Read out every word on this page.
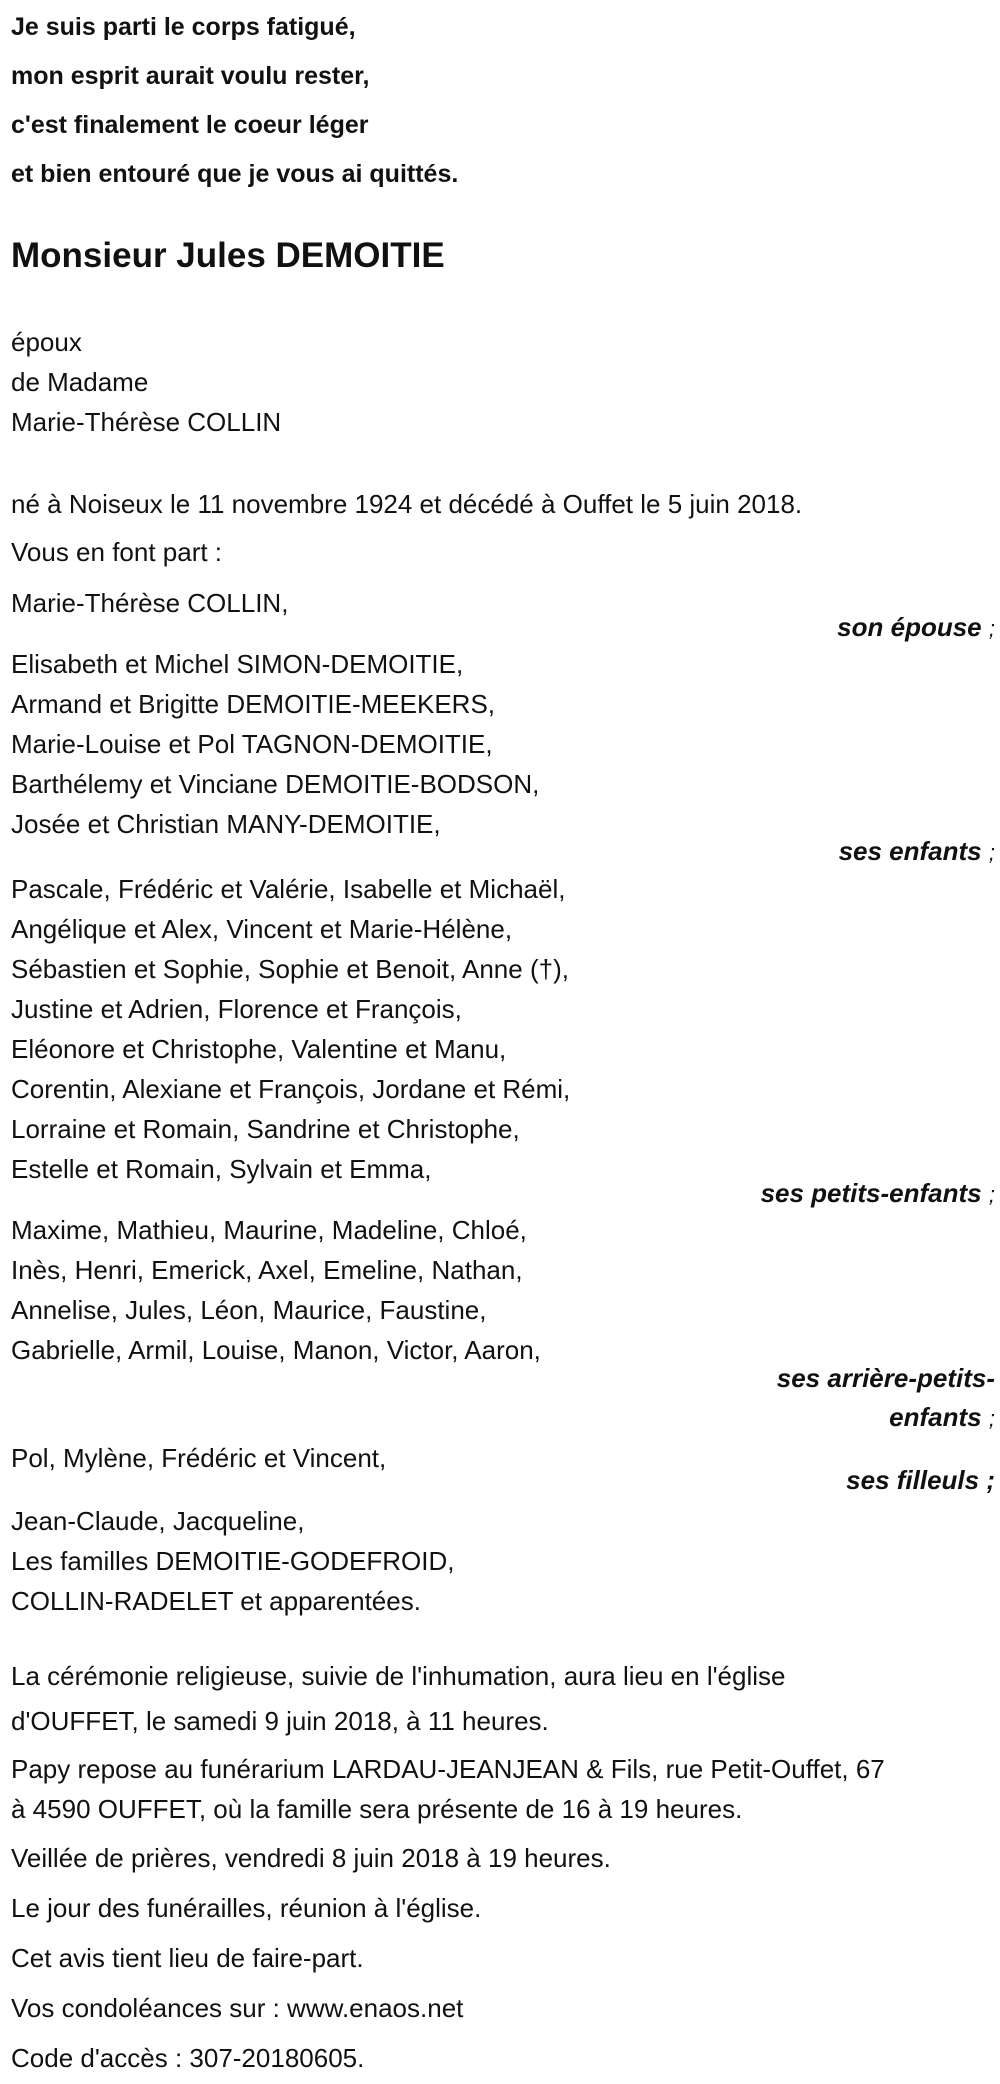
Je suis parti le corps fatigué,
mon esprit aurait voulu rester,
c'est finalement le coeur léger
et bien entouré que je vous ai quittés.
Monsieur Jules DEMOITIE
époux
de Madame
Marie-Thérèse COLLIN
né à Noiseux le 11 novembre 1924 et décédé à Ouffet le 5 juin 2018.
Vous en font part :
Marie-Thérèse COLLIN,
son épouse ;
Elisabeth et Michel SIMON-DEMOITIE,
Armand et Brigitte DEMOITIE-MEEKERS,
Marie-Louise et Pol TAGNON-DEMOITIE,
Barthélemy et Vinciane DEMOITIE-BODSON,
Josée et Christian MANY-DEMOITIE,
ses enfants ;
Pascale, Frédéric et Valérie, Isabelle et Michaël,
Angélique et Alex, Vincent et Marie-Hélène,
Sébastien et Sophie, Sophie et Benoit, Anne (†),
Justine et Adrien, Florence et François,
Eléonore et Christophe, Valentine et Manu,
Corentin, Alexiane et François, Jordane et Rémi,
Lorraine et Romain, Sandrine et Christophe,
Estelle et Romain, Sylvain et Emma,
ses petits-enfants ;
Maxime, Mathieu, Maurine, Madeline, Chloé,
Inès, Henri, Emerick, Axel, Emeline, Nathan,
Annelise, Jules, Léon, Maurice, Faustine,
Gabrielle, Armil, Louise, Manon, Victor, Aaron,
ses arrière-petits-
enfants ;
Pol, Mylène, Frédéric et Vincent,
ses filleuls ;
Jean-Claude, Jacqueline,
Les familles DEMOITIE-GODEFROID,
COLLIN-RADELET et apparentées.
La cérémonie religieuse, suivie de l'inhumation, aura lieu en l'église
d'OUFFET, le samedi 9 juin 2018, à 11 heures.
Papy repose au funérarium LARDAU-JEANJEAN & Fils, rue Petit-Ouffet, 67
à 4590 OUFFET, où la famille sera présente de 16 à 19 heures.
Veillée de prières, vendredi 8 juin 2018 à 19 heures.
Le jour des funérailles, réunion à l'église.
Cet avis tient lieu de faire-part.
Vos condoléances sur : www.enaos.net
Code d'accès : 307-20180605.
